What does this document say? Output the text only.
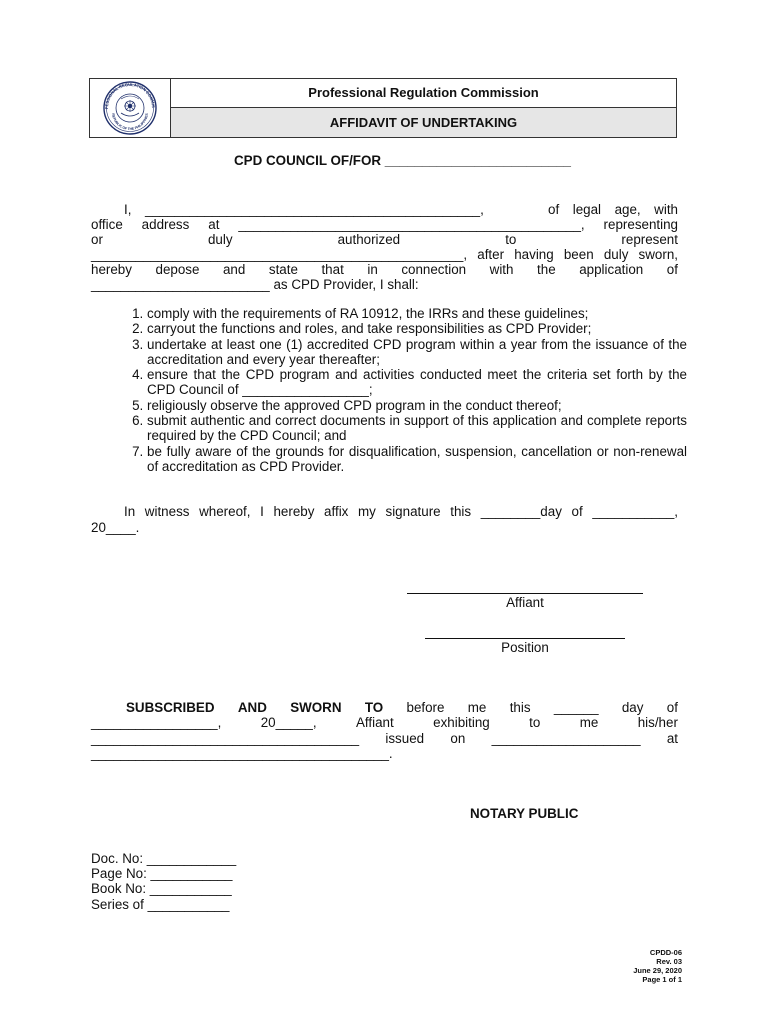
FESSIONAL REGULATION COMMIS
REPUBLIC OF THE PHILIPPINES
Professional Regulation Commission
AFFIDAVIT OF UNDERTAKING
CPD COUNCIL OF/FOR _________________________
I, _____________________________________________,	of legal age, with
office address at ______________________________________________, representing
or	duly	authorized	to	represent
__________________________________________________, after having been duly sworn,
hereby depose and state that in connection with the application of
________________________ as CPD Provider, I shall:
1. comply with the requirements of RA 10912, the IRRs and these guidelines;
2. carryout the functions and roles, and take responsibilities as CPD Provider;
3. undertake at least one (1) accredited CPD program within a year from the issuance of the accreditation and every year thereafter;
4. ensure that the CPD program and activities conducted meet the criteria set forth by the CPD Council of _________________;
5. religiously observe the approved CPD program in the conduct thereof;
6. submit authentic and correct documents in support of this application and complete reports required by the CPD Council; and
7. be fully aware of the grounds for disqualification, suspension, cancellation or non-renewal of accreditation as CPD Provider.
In witness whereof, I hereby affix my signature this ________day of ___________,
20____.
Affiant
Position
SUBSCRIBED AND SWORN TO before me this ______ day of
_________________,	20_____,	Affiant	exhibiting	to	me	his/her
____________________________________ issued on ____________________ at
________________________________________.
NOTARY PUBLIC
Doc. No: ____________
Page No: ___________
Book No: ___________
Series of ___________
CPDD-06
Rev. 03
June 29, 2020
Page 1 of 1
